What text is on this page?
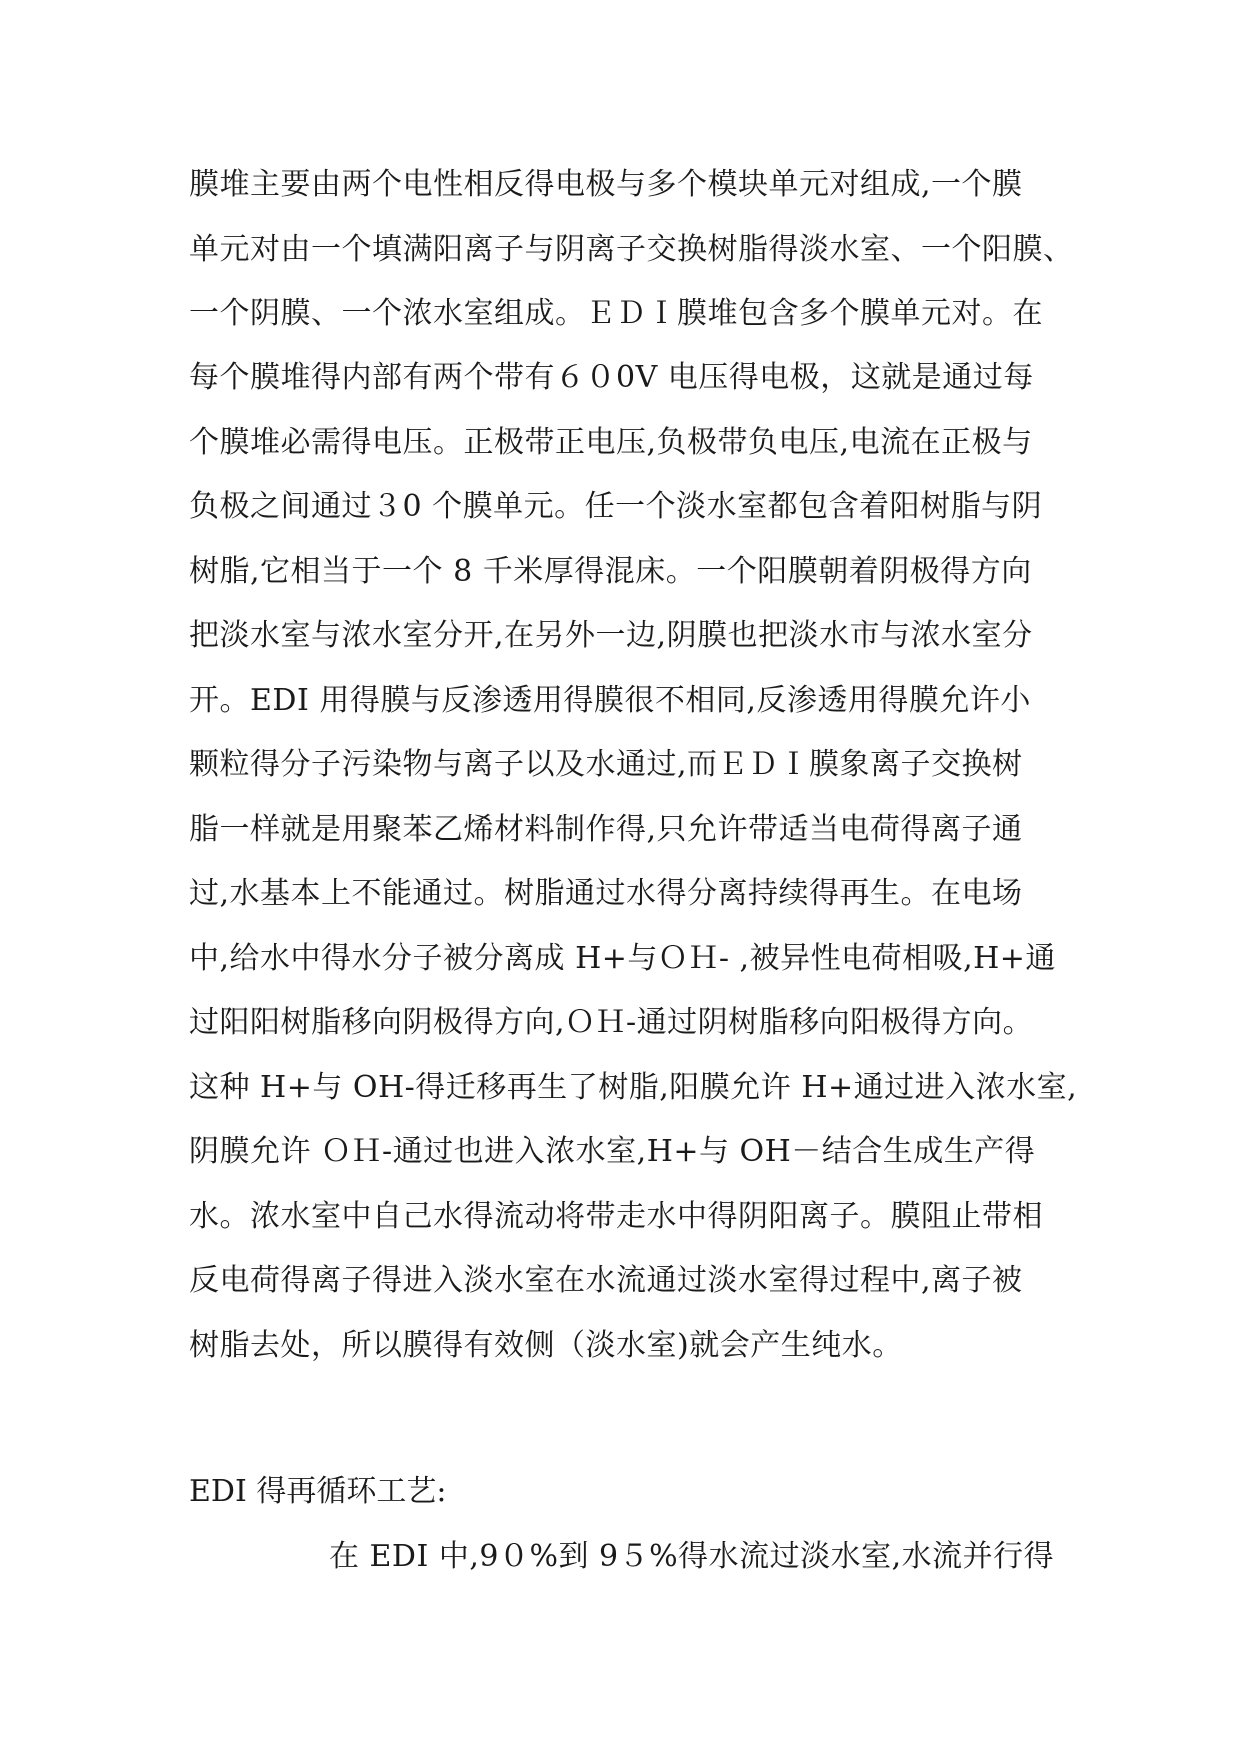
膜堆主要由两个电性相反得电极与多个模块单元对组成,一个膜
单元对由一个填满阳离子与阴离子交换树脂得淡水室、一个阳膜、
一个阴膜、一个浓水室组成。ＥＤＩ膜堆包含多个膜单元对。在
每个膜堆得内部有两个带有６０0V 电压得电极，这就是通过每
个膜堆必需得电压。正极带正电压,负极带负电压,电流在正极与
负极之间通过３0 个膜单元。任一个淡水室都包含着阳树脂与阴
树脂,它相当于一个 8 千米厚得混床。一个阳膜朝着阴极得方向
把淡水室与浓水室分开,在另外一边,阴膜也把淡水市与浓水室分
开。EDI 用得膜与反渗透用得膜很不相同,反渗透用得膜允许小
颗粒得分子污染物与离子以及水通过,而ＥＤＩ膜象离子交换树
脂一样就是用聚苯乙烯材料制作得,只允许带适当电荷得离子通
过,水基本上不能通过。树脂通过水得分离持续得再生。在电场
中,给水中得水分子被分离成 H+与ＯＨ- ,被异性电荷相吸,H+通
过阳阳树脂移向阴极得方向,ＯＨ-通过阴树脂移向阳极得方向。
这种 H+与 OH-得迁移再生了树脂,阳膜允许 H+通过进入浓水室,
阴膜允许 ＯＨ-通过也进入浓水室,H+与 OH－结合生成生产得
水。浓水室中自己水得流动将带走水中得阴阳离子。膜阻止带相
反电荷得离子得进入淡水室在水流通过淡水室得过程中,离子被
树脂去处，所以膜得有效侧（淡水室)就会产生纯水。
EDI 得再循环工艺:
在 EDI 中,9０%到 9５%得水流过淡水室,水流并行得
